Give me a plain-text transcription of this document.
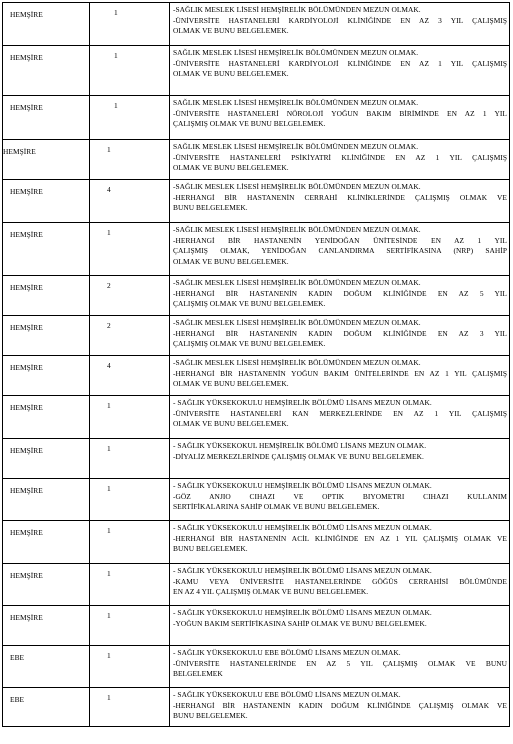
HEMŞİRE	1	-SAĞLIK MESLEK LİSESİ HEMŞİRELİK BÖLÜMÜNDEN MEZUN OLMAK.
-ÜNİVERSİTE HASTANELERİ KARDİYOLOJİ KLİNİĞİNDE EN AZ 3 YIL ÇALIŞMIŞ
OLMAK VE BUNU BELGELEMEK.

HEMŞİRE	1	SAĞLIK MESLEK LİSESİ HEMŞİRELİK BÖLÜMÜNDEN MEZUN OLMAK.
-ÜNİVERSİTE HASTANELERİ KARDİYOLOJİ KLİNİĞİNDE EN AZ 1 YIL ÇALIŞMIŞ
OLMAK VE BUNU BELGELEMEK.

HEMŞİRE	1	SAĞLIK MESLEK LİSESİ HEMŞİRELİK BÖLÜMÜNDEN MEZUN OLMAK.
-ÜNİVERSİTE HASTANELERİ NÖROLOJİ YOĞUN BAKIM BİRİMİNDE EN AZ 1 YIL
ÇALIŞMIŞ OLMAK VE BUNU BELGELEMEK.

HEMŞİRE	1	SAĞLIK MESLEK LİSESİ HEMŞİRELİK BÖLÜMÜNDEN MEZUN OLMAK.
-ÜNİVERSİTE HASTANELERİ PSİKİYATRİ KLİNİĞİNDE EN AZ 1 YIL ÇALIŞMIŞ
OLMAK VE BUNU BELGELEMEK.

HEMŞİRE	4	-SAĞLIK MESLEK LİSESİ HEMŞİRELİK BÖLÜMÜNDEN MEZUN OLMAK.
-HERHANGİ BİR HASTANENİN CERRAHİ KLİNİKLERİNDE ÇALIŞMIŞ OLMAK VE
BUNU BELGELEMEK.

HEMŞİRE	1	-SAĞLIK MESLEK LİSESİ HEMŞİRELİK BÖLÜMÜNDEN MEZUN OLMAK.
-HERHANGİ BİR HASTANENİN YENİDOĞAN ÜNİTESİNDE EN AZ 1 YIL
ÇALIŞMIŞ OLMAK, YENİDOĞAN CANLANDIRMA SERTİFİKASINA (NRP) SAHİP
OLMAK VE BUNU BELGELEMEK.

HEMŞİRE	2	-SAĞLIK MESLEK LİSESİ HEMŞİRELİK BÖLÜMÜNDEN MEZUN OLMAK.
-HERHANGİ BİR HASTANENİN KADIN DOĞUM KLİNİĞİNDE EN AZ 5 YIL
ÇALIŞMIŞ OLMAK VE BUNU BELGELEMEK.

HEMŞİRE	2	-SAĞLIK MESLEK LİSESİ HEMŞİRELİK BÖLÜMÜNDEN MEZUN OLMAK.
-HERHANGİ BİR HASTANENİN KADIN DOĞUM KLİNİĞİNDE EN AZ 3 YIL
ÇALIŞMIŞ OLMAK VE BUNU BELGELEMEK.

HEMŞİRE	4	-SAĞLIK MESLEK LİSESİ HEMŞİRELİK BÖLÜMÜNDEN MEZUN OLMAK.
-HERHANGİ BİR HASTANENİN YOĞUN BAKIM ÜNİTELERİNDE EN AZ 1 YIL ÇALIŞMIŞ
OLMAK VE BUNU BELGELEMEK.

HEMŞİRE	1	- SAĞLIK YÜKSEKOKULU HEMŞİRELİK BÖLÜMÜ LİSANS MEZUN OLMAK.
-ÜNİVERSİTE HASTANELERİ KAN MERKEZLERİNDE EN AZ 1 YIL ÇALIŞMIŞ
OLMAK VE BUNU BELGELEMEK.

HEMŞİRE	1	- SAĞLIK YÜKSEKOKUL HEMŞİRELİK BÖLÜMÜ LİSANS MEZUN OLMAK.
-DİYALİZ MERKEZLERİNDE ÇALIŞMIŞ OLMAK VE BUNU BELGELEMEK.

HEMŞİRE	1	- SAĞLIK YÜKSEKOKULU HEMŞİRELİK BÖLÜMÜ LİSANS MEZUN OLMAK.
-GÖZ ANJIO CIHAZI VE OPTIK BIYOMETRI CIHAZI KULLANIM
SERTİFİKALARINA SAHİP OLMAK VE BUNU BELGELEMEK.

HEMŞİRE	1	- SAĞLIK YÜKSEKOKULU HEMŞİRELİK BÖLÜMÜ LİSANS MEZUN OLMAK.
-HERHANGİ BİR HASTANENİN ACİL KLİNİĞİNDE EN AZ 1 YIL ÇALIŞMIŞ OLMAK VE
BUNU BELGELEMEK.

HEMŞİRE	1	- SAĞLIK YÜKSEKOKULU HEMŞİRELİK BÖLÜMÜ LİSANS MEZUN OLMAK.
-KAMU VEYA ÜNİVERSİTE HASTANELERİNDE GÖĞÜS CERRAHİSİ BÖLÜMÜNDE
EN AZ 4 YIL ÇALIŞMIŞ OLMAK VE BUNU BELGELEMEK.

HEMŞİRE	1	- SAĞLIK YÜKSEKOKULU HEMŞİRELİK BÖLÜMÜ LİSANS MEZUN OLMAK.
-YOĞUN BAKIM SERTİFİKASINA SAHİP OLMAK VE BUNU BELGELEMEK.

EBE	1	- SAĞLIK YÜKSEKOKULU EBE BÖLÜMÜ LİSANS MEZUN OLMAK.
-ÜNİVERSİTE HASTANELERİNDE EN AZ 5 YIL ÇALIŞMIŞ OLMAK VE BUNU
BELGELEMEK

EBE	1	- SAĞLIK YÜKSEKOKULU EBE BÖLÜMÜ LİSANS MEZUN OLMAK.
-HERHANGİ BİR HASTANENİN KADIN DOĞUM KLİNİĞİNDE ÇALIŞMIŞ OLMAK VE
BUNU BELGELEMEK.
